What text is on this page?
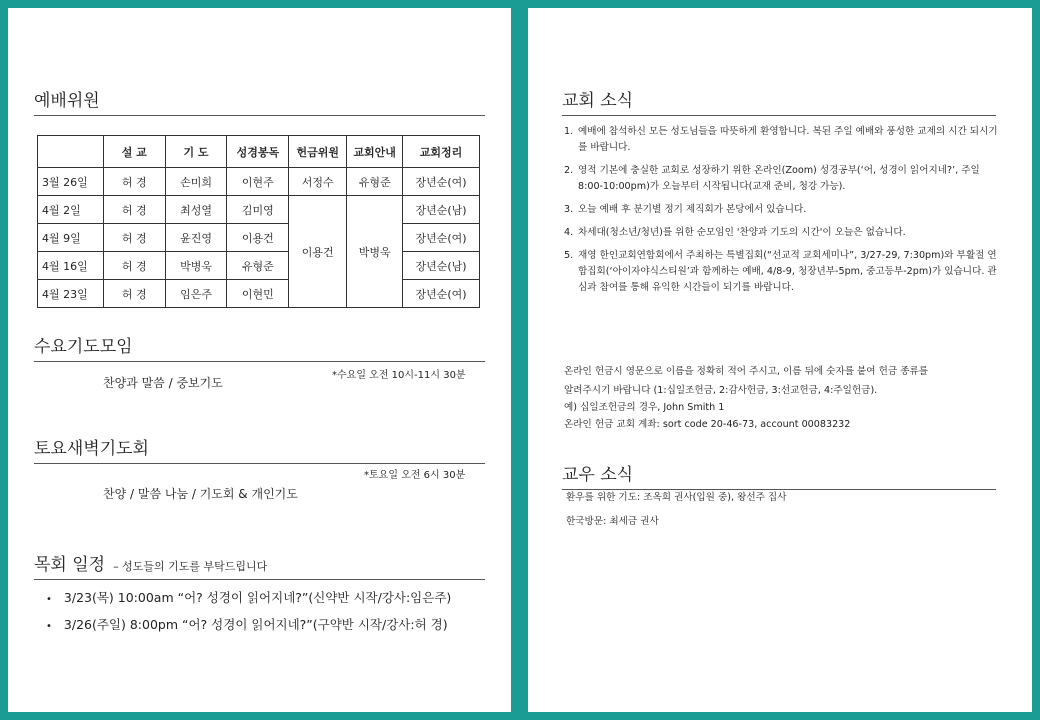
예배위원
	설 교	기 도	성경봉독	헌금위원	교회안내	교회정리
3월 26일	허 경	손미희	이현주	서정수	유형준	장년순(여)
4월 2일	허 경	최성열	김미영	이용건	박병욱	장년순(남)
4월 9일	허 경	윤진영	이용건			장년순(여)
4월 16일	허 경	박병욱	유형준			장년순(남)
4월 23일	허 경	임은주	이현민			장년순(여)
수요기도모임
*수요일 오전 10시-11시 30분
찬양과 말씀 / 중보기도
토요새벽기도회
*토요일 오전 6시 30분
찬양 / 말씀 나눔 / 기도회 & 개인기도
목회 일정 – 성도들의 기도를 부탁드립니다
• 3/23(목) 10:00am “어? 성경이 읽어지네?”(신약반 시작/강사:임은주)
• 3/26(주일) 8:00pm “어? 성경이 읽어지네?”(구약반 시작/강사:허 경)
교회 소식
1. 예배에 참석하신 모든 성도님들을 따뜻하게 환영합니다. 복된 주일 예배와 풍성한 교제의 시간 되시기를 바랍니다.
2. 영적 기본에 충실한 교회로 성장하기 위한 온라인(Zoom) 성경공부(‘어, 성경이 읽어지네?’, 주일 8:00-10:00pm)가 오늘부터 시작됩니다(교재 준비, 청강 가능).
3. 오늘 예배 후 분기별 정기 제직회가 본당에서 있습니다.
4. 차세대(청소년/청년)를 위한 순모임인 '찬양과 기도의 시간'이 오늘은 없습니다.
5. 재영 한인교회연합회에서 주최하는 특별집회(“선교적 교회세미나”, 3/27-29, 7:30pm)와 부활절 연합집회(‘아이자야식스티원’과 함께하는 예배, 4/8-9, 청장년부-5pm, 중고등부-2pm)가 있습니다. 관심과 참여를 통해 유익한 시간들이 되기를 바랍니다.
온라인 헌금시 영문으로 이름을 정확히 적어 주시고, 이름 뒤에 숫자를 붙여 헌금 종류를
알려주시기 바랍니다 (1:십일조헌금, 2:감사헌금, 3:선교헌금, 4:주일헌금).
예) 십일조헌금의 경우, John Smith 1
온라인 헌금 교회 계좌: sort code 20-46-73, account 00083232
교우 소식
환우를 위한 기도: 조옥희 권사(입원 중), 왕선주 집사
한국방문: 최세금 권사
